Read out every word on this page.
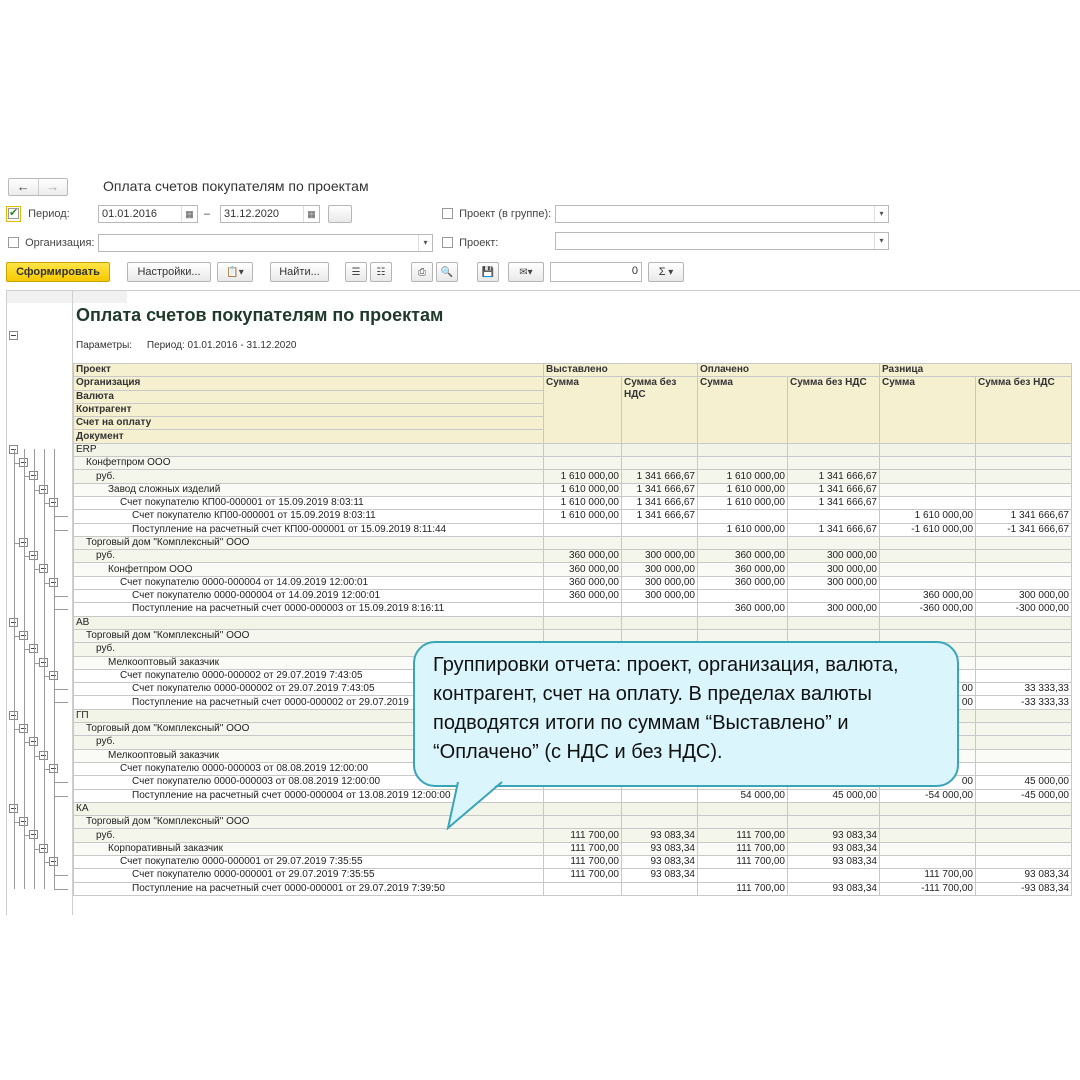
←	→	Оплата счетов покупателям по проектам
✔ Период:	01.01.2016	▦ –	31.12.2020	▦	Проект (в группе):	▾
Организация:	▾	Проект:	▾
Сформировать	Настройки...	📋▾	Найти...	☰	☷	⎙	🔍	💾	✉▾	0	Σ ▾
Оплата счетов покупателям по проектам
Параметры: Период: 01.01.2016 - 31.12.2020
Проект	Выставлено		Оплачено		Разница	
Организация	Сумма	Сумма без НДС	Сумма	Сумма без НДС	Сумма	Сумма без НДС
Валюта						
Контрагент						
Счет на оплату						
Документ						
ERP						
Конфетпром ООО						
руб.	1 610 000,00	1 341 666,67	1 610 000,00	1 341 666,67		
Завод сложных изделий	1 610 000,00	1 341 666,67	1 610 000,00	1 341 666,67		
Счет покупателю КП00-000001 от 15.09.2019 8:03:11	1 610 000,00	1 341 666,67	1 610 000,00	1 341 666,67		
Счет покупателю КП00-000001 от 15.09.2019 8:03:11	1 610 000,00	1 341 666,67			1 610 000,00	1 341 666,67
Поступление на расчетный счет КП00-000001 от 15.09.2019 8:11:44			1 610 000,00	1 341 666,67	-1 610 000,00	-1 341 666,67
Торговый дом "Комплексный" ООО						
руб.	360 000,00	300 000,00	360 000,00	300 000,00		
Конфетпром ООО	360 000,00	300 000,00	360 000,00	300 000,00		
Счет покупателю 0000-000004 от 14.09.2019 12:00:01	360 000,00	300 000,00	360 000,00	300 000,00		
Счет покупателю 0000-000004 от 14.09.2019 12:00:01	360 000,00	300 000,00			360 000,00	300 000,00
Поступление на расчетный счет 0000-000003 от 15.09.2019 8:16:11			360 000,00	300 000,00	-360 000,00	-300 000,00
AB						
Торговый дом "Комплексный" ООО						
руб.						
Мелкооптовый заказчик						
Счет покупателю 0000-000002 от 29.07.2019 7:43:05						
Счет покупателю 0000-000002 от 29.07.2019 7:43:05					00	33 333,33
Поступление на расчетный счет 0000-000002 от 29.07.2019					00	-33 333,33
ГП						
Торговый дом "Комплексный" ООО						
руб.						
Мелкооптовый заказчик						
Счет покупателю 0000-000003 от 08.08.2019 12:00:00						
Счет покупателю 0000-000003 от 08.08.2019 12:00:00					00	45 000,00
Поступление на расчетный счет 0000-000004 от 13.08.2019 12:00:00			54 000,00	45 000,00	-54 000,00	-45 000,00
КА						
Торговый дом "Комплексный" ООО						
руб.	111 700,00	93 083,34	111 700,00	93 083,34		
Корпоративный заказчик	111 700,00	93 083,34	111 700,00	93 083,34		
Счет покупателю 0000-000001 от 29.07.2019 7:35:55	111 700,00	93 083,34	111 700,00	93 083,34		
Счет покупателю 0000-000001 от 29.07.2019 7:35:55	111 700,00	93 083,34			111 700,00	93 083,34
Поступление на расчетный счет 0000-000001 от 29.07.2019 7:39:50			111 700,00	93 083,34	-111 700,00	-93 083,34
Группировки отчета: проект, организация, валюта, контрагент, счет на оплату. В пределах валюты подводятся итоги по суммам “Выставлено” и “Оплачено” (с НДС и без НДС).
